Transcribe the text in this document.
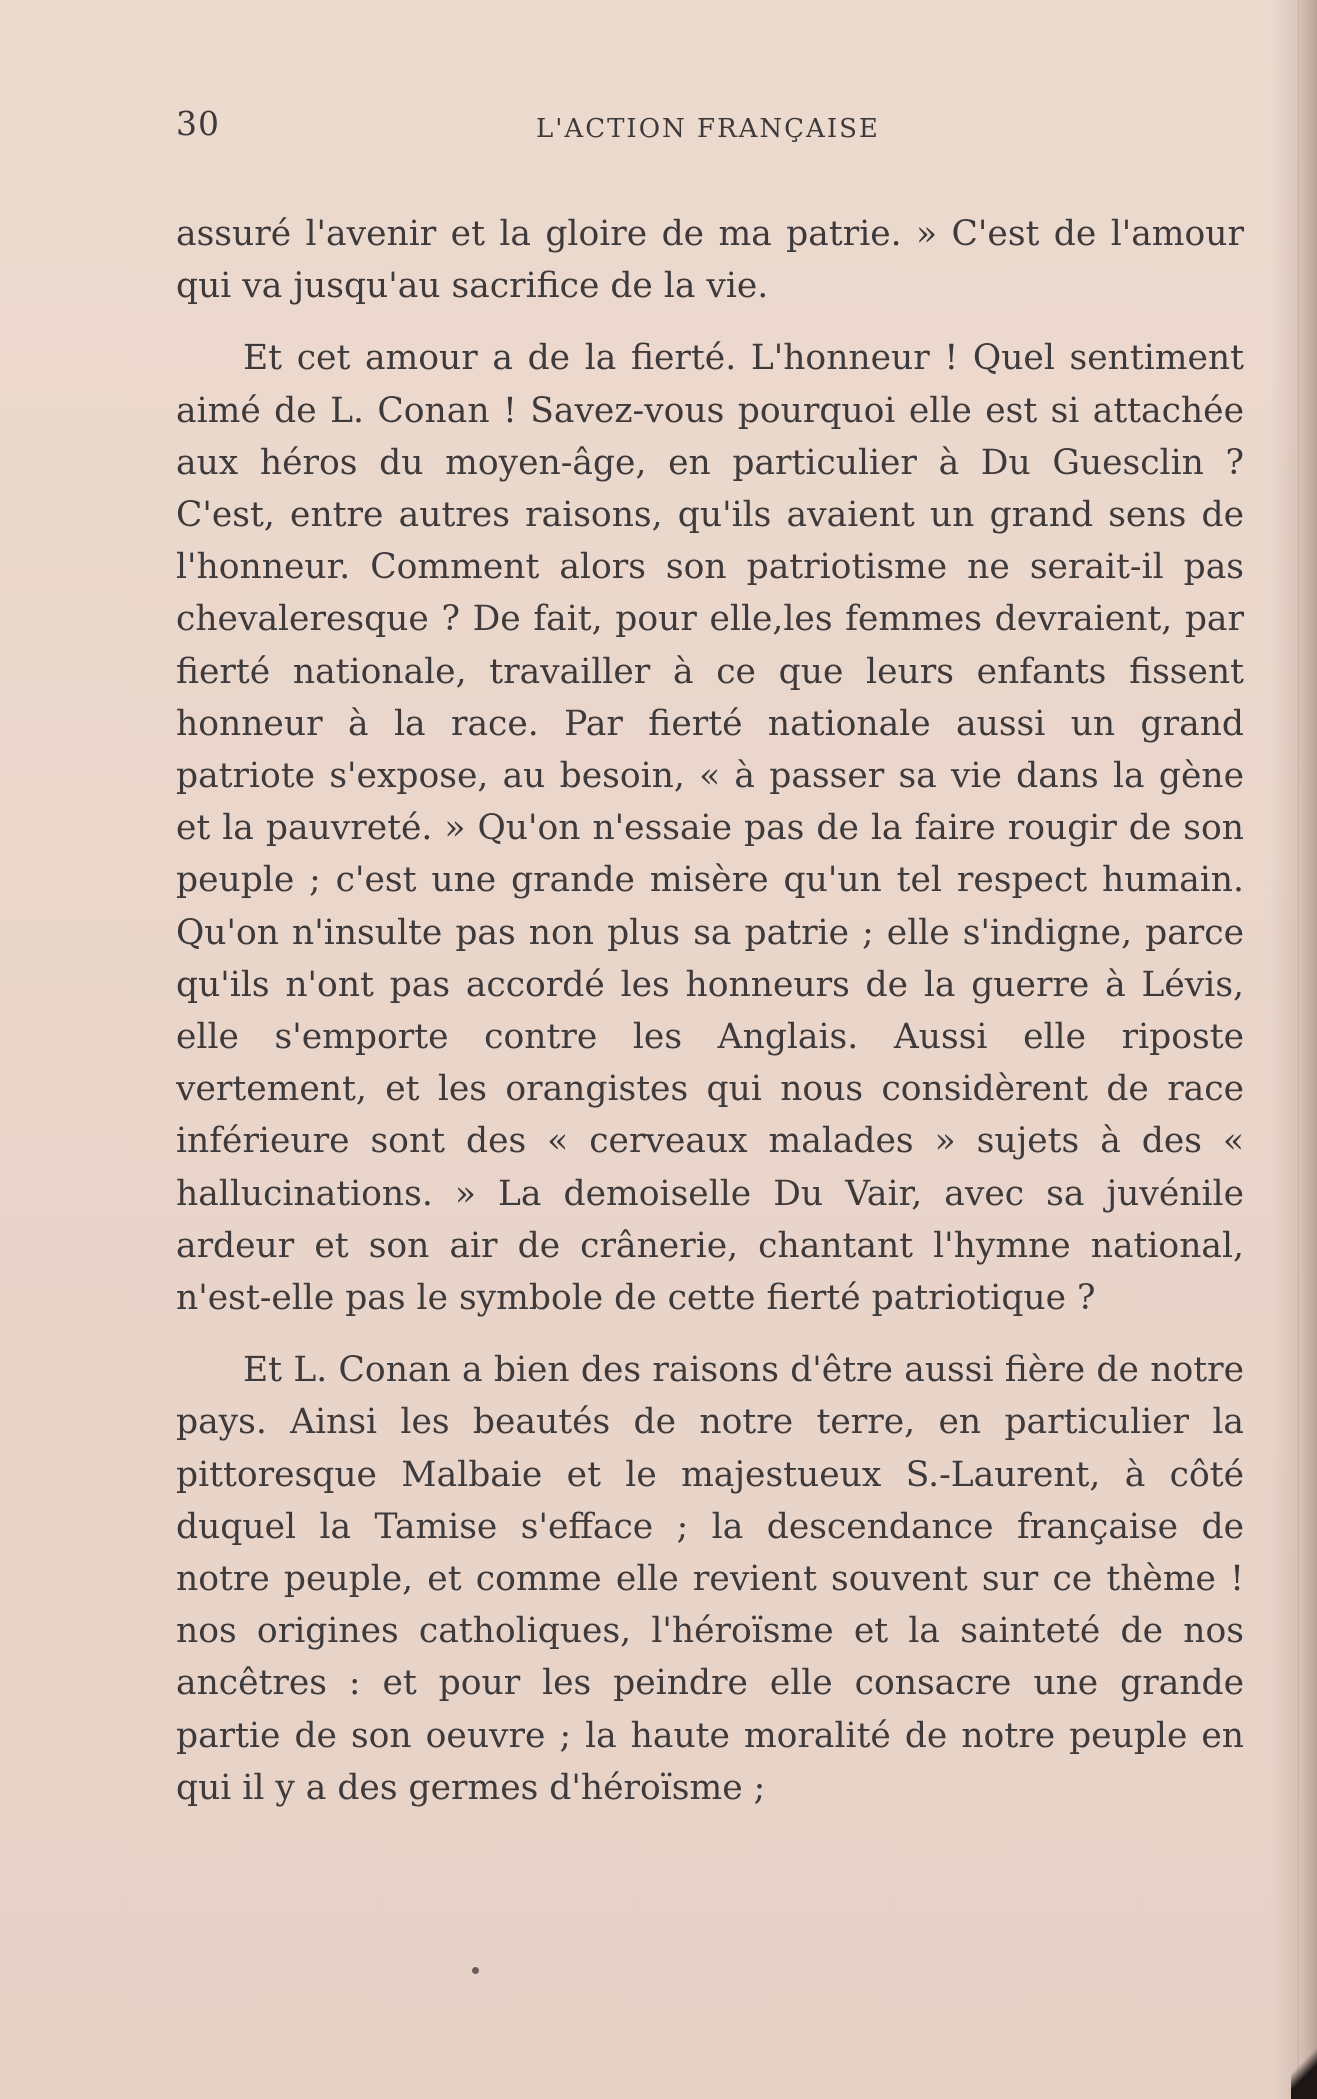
30	L'ACTION FRANÇAISE

assuré l'avenir et la gloire de ma patrie. » C'est de l'amour qui va jusqu'au sacrifice de la vie.

Et cet amour a de la fierté. L'honneur ! Quel sentiment aimé de L. Conan ! Savez-vous pourquoi elle est si attachée aux héros du moyen-âge, en particulier à Du Guesclin ? C'est, entre autres raisons, qu'ils avaient un grand sens de l'honneur. Comment alors son patriotisme ne serait-il pas chevaleresque ? De fait, pour elle,les femmes devraient, par fierté nationale, travailler à ce que leurs enfants fissent honneur à la race. Par fierté nationale aussi un grand patriote s'expose, au besoin, « à passer sa vie dans la gène et la pauvreté. » Qu'on n'essaie pas de la faire rougir de son peuple ; c'est une grande misère qu'un tel respect humain. Qu'on n'insulte pas non plus sa patrie ; elle s'indigne, parce qu'ils n'ont pas accordé les honneurs de la guerre à Lévis, elle s'emporte contre les Anglais. Aussi elle riposte vertement, et les orangistes qui nous considèrent de race inférieure sont des « cerveaux malades » sujets à des « hallucinations. » La demoiselle Du Vair, avec sa juvénile ardeur et son air de crânerie, chantant l'hymne national, n'est-elle pas le symbole de cette fierté patriotique ?

Et L. Conan a bien des raisons d'être aussi fière de notre pays. Ainsi les beautés de notre terre, en particulier la pittoresque Malbaie et le majestueux S.-Laurent, à côté duquel la Tamise s'efface ; la descendance française de notre peuple, et comme elle revient souvent sur ce thème ! nos origines catholiques, l'héroïsme et la sainteté de nos ancêtres : et pour les peindre elle consacre une grande partie de son oeuvre ; la haute moralité de notre peuple en qui il y a des germes d'héroïsme ;
